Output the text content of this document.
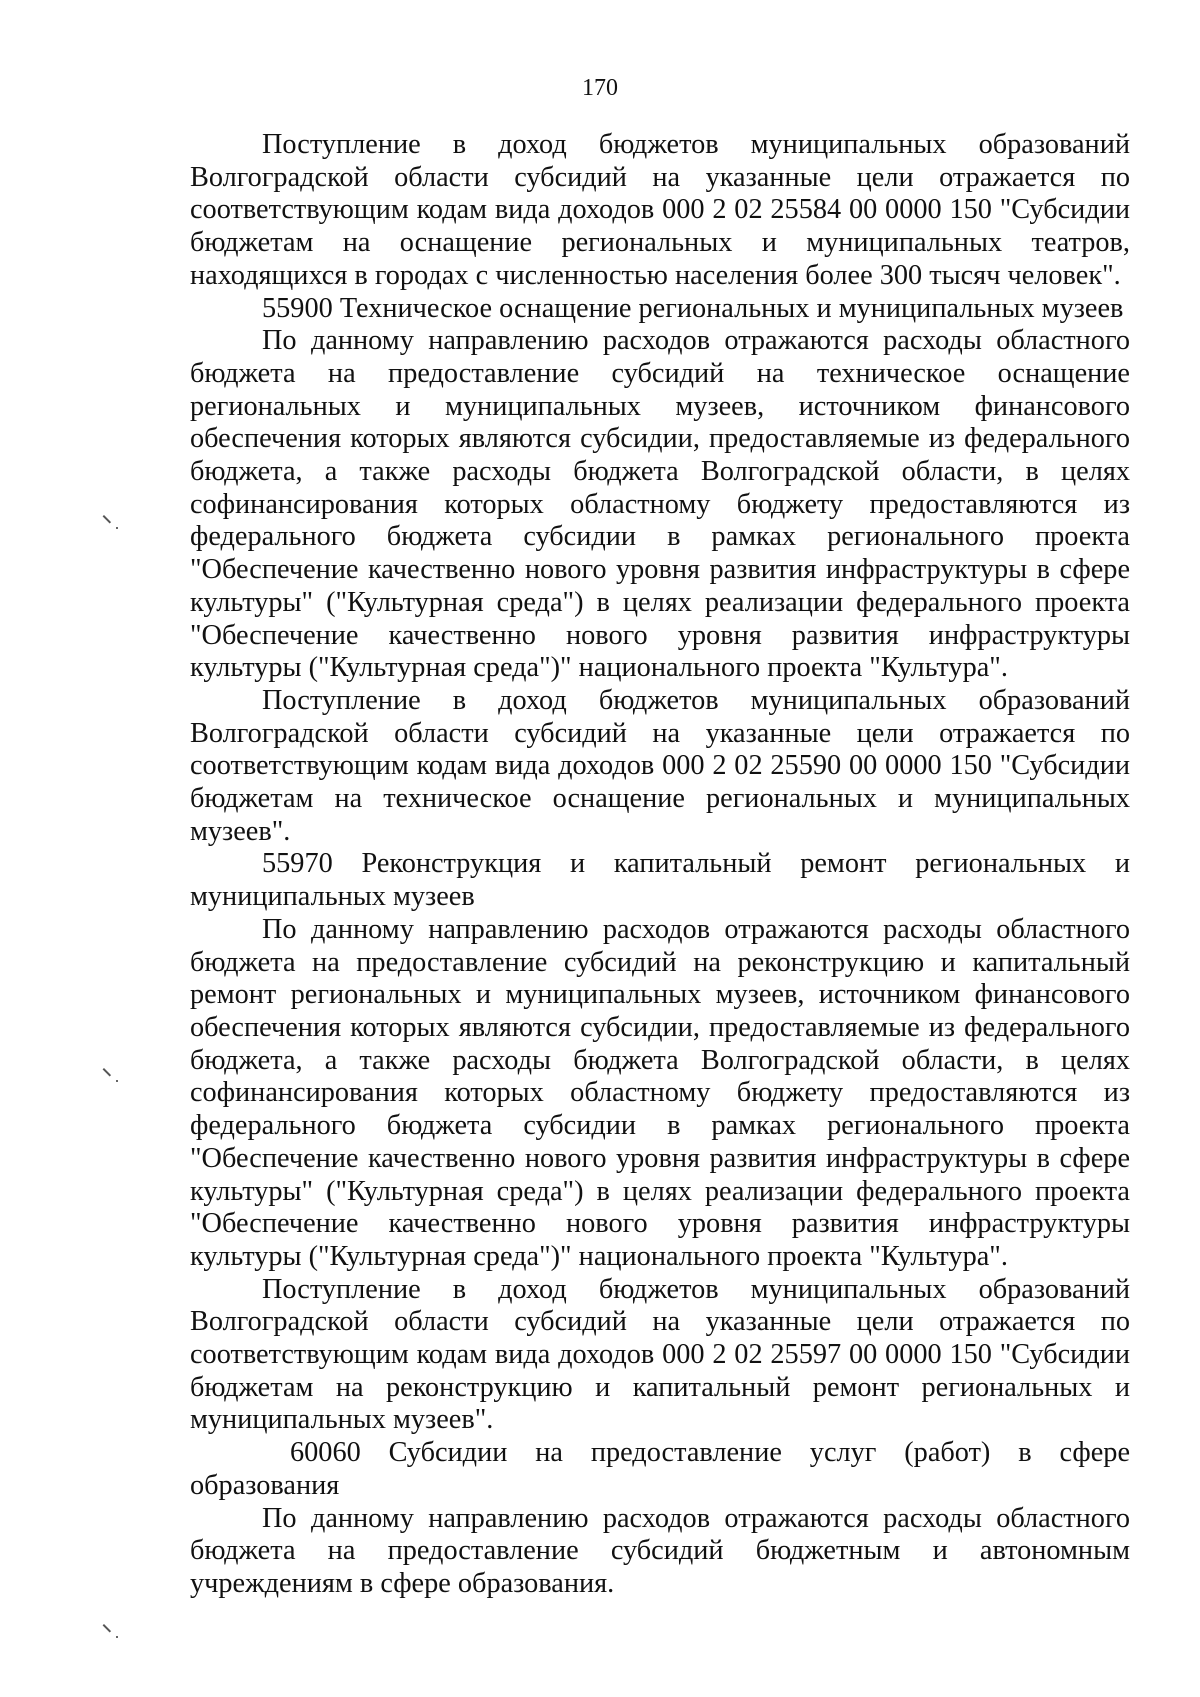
170

Поступление в доход бюджетов муниципальных образований Волгоградской области субсидий на указанные цели отражается по соответствующим кодам вида доходов 000 2 02 25584 00 0000 150 "Субсидии бюджетам на оснащение региональных и муниципальных театров, находящихся в городах с численностью населения более 300 тысяч человек".

55900 Техническое оснащение региональных и муниципальных музеев

По данному направлению расходов отражаются расходы областного бюджета на предоставление субсидий на техническое оснащение региональных и муниципальных музеев, источником финансового обеспечения которых являются субсидии, предоставляемые из федерального бюджета, а также расходы бюджета Волгоградской области, в целях софинансирования которых областному бюджету предоставляются из федерального бюджета субсидии в рамках регионального проекта "Обеспечение качественно нового уровня развития инфраструктуры в сфере культуры" ("Культурная среда") в целях реализации федерального проекта "Обеспечение качественно нового уровня развития инфраструктуры культуры ("Культурная среда")" национального проекта "Культура".

Поступление в доход бюджетов муниципальных образований Волгоградской области субсидий на указанные цели отражается по соответствующим кодам вида доходов 000 2 02 25590 00 0000 150 "Субсидии бюджетам на техническое оснащение региональных и муниципальных музеев".

55970 Реконструкция и капитальный ремонт региональных и муниципальных музеев

По данному направлению расходов отражаются расходы областного бюджета на предоставление субсидий на реконструкцию и капитальный ремонт региональных и муниципальных музеев, источником финансового обеспечения которых являются субсидии, предоставляемые из федерального бюджета, а также расходы бюджета Волгоградской области, в целях софинансирования которых областному бюджету предоставляются из федерального бюджета субсидии в рамках регионального проекта "Обеспечение качественно нового уровня развития инфраструктуры в сфере культуры" ("Культурная среда") в целях реализации федерального проекта "Обеспечение качественно нового уровня развития инфраструктуры культуры ("Культурная среда")" национального проекта "Культура".

Поступление в доход бюджетов муниципальных образований Волгоградской области субсидий на указанные цели отражается по соответствующим кодам вида доходов 000 2 02 25597 00 0000 150 "Субсидии бюджетам на реконструкцию и капитальный ремонт региональных и муниципальных музеев".

60060 Субсидии на предоставление услуг (работ) в сфере образования

По данному направлению расходов отражаются расходы областного бюджета на предоставление субсидий бюджетным и автономным учреждениям в сфере образования.
